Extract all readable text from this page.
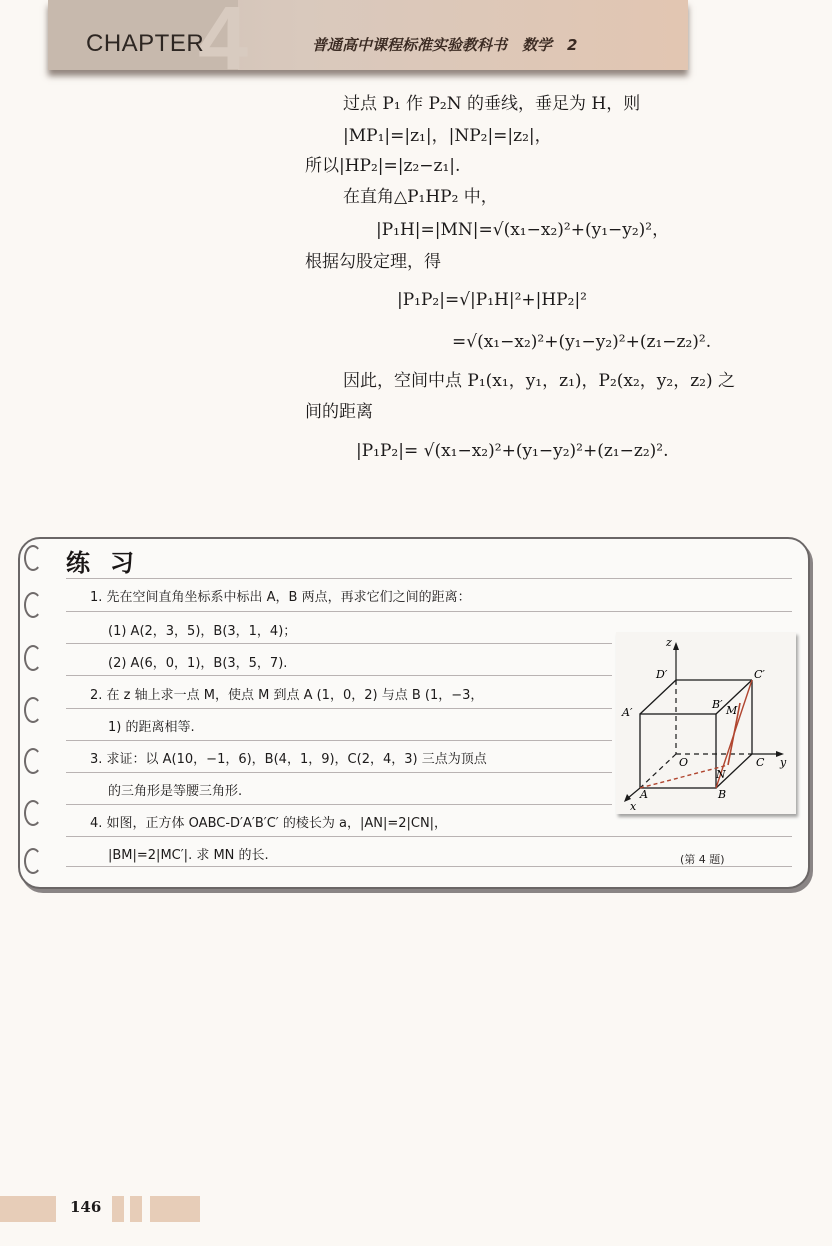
4
CHAPTER	普通高中课程标准实验教科书　数学　2
过点 P₁ 作 P₂N 的垂线，垂足为 H，则
|MP₁|=|z₁|，|NP₂|=|z₂|，
所以|HP₂|=|z₂−z₁|.
在直角△P₁HP₂ 中，
|P₁H|=|MN|=√(x₁−x₂)²+(y₁−y₂)²，
根据勾股定理，得
|P₁P₂|=√|P₁H|²+|HP₂|²
=√(x₁−x₂)²+(y₁−y₂)²+(z₁−z₂)².
因此，空间中点 P₁(x₁，y₁，z₁)，P₂(x₂，y₂，z₂) 之
间的距离
|P₁P₂|= √(x₁−x₂)²+(y₁−y₂)²+(z₁−z₂)².
练习
1. 先在空间直角坐标系中标出 A，B 两点，再求它们之间的距离：
(1) A(2，3，5)，B(3，1，4)；
(2) A(6，0，1)，B(3，5，7).
2. 在 z 轴上求一点 M，使点 M 到点 A (1，0，2) 与点 B (1，−3，
1) 的距离相等.
3. 求证：以 A(10，−1，6)，B(4，1，9)，C(2，4，3) 三点为顶点
的三角形是等腰三角形.
4. 如图，正方体 OABC-D′A′B′C′ 的棱长为 a，|AN|=2|CN|，
|BM|=2|MC′|. 求 MN 的长.
z
y
x
O
A	B
C
D′
A′
B′
C′
M
N
(第 4 题)
146
